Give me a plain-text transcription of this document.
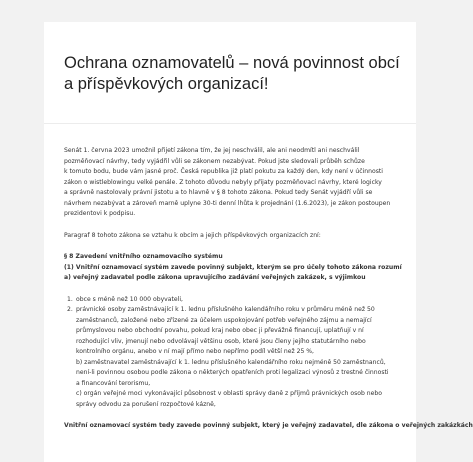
Ochrana oznamovatelů – nová povinnost obcí
a příspěvkových organizací!

Senát 1. června 2023 umožnil přijetí zákona tím, že jej neschválil, ale ani neodmítl ani neschválil
pozměňovací návrhy, tedy vyjádřil vůli se zákonem nezabývat. Pokud jste sledovali průběh schůze
k tomuto bodu, bude vám jasné proč. Česká republika již platí pokutu za každý den, kdy není v účinnosti
zákon o wistleblowingu velké penále. Z tohoto důvodu nebyly přijaty pozměňovací návrhy, které logicky
a správně nastolovaly právní jistotu a to hlavně v § 8 tohoto zákona. Pokud tedy Senát vyjádří vůli se
návrhem nezabývat a zároveň marně uplyne 30-ti denní lhůta k projednání (1.6.2023), je zákon postoupen
prezidentovi k podpisu.

Paragraf 8 tohoto zákona se vztahu k obcím a jejich příspěvkových organizacích zní:

§ 8 Zavedení vnitřního oznamovacího systému
(1) Vnitřní oznamovací systém zavede povinný subjekt, kterým se pro účely tohoto zákona rozumí
a) veřejný zadavatel podle zákona upravujícího zadávání veřejných zakázek, s výjimkou

1. obce s méně než 10 000 obyvateli,
2. právnické osoby zaměstnávající k 1. lednu příslušného kalendářního roku v průměru méně než 50
zaměstnanců, založené nebo zřízené za účelem uspokojování potřeb veřejného zájmu a nemající
průmyslovou nebo obchodní povahu, pokud kraj nebo obec ji převážně financují, uplatňují v ní
rozhodující vliv, jmenují nebo odvolávají většinu osob, které jsou členy jejího statutárního nebo
kontrolního orgánu, anebo v ní mají přímo nebo nepřímo podíl větší než 25 %,
b) zaměstnavatel zaměstnávající k 1. lednu příslušného kalendářního roku nejméně 50 zaměstnanců,
není-li povinnou osobou podle zákona o některých opatřeních proti legalizaci výnosů z trestné činnosti
a financování terorismu,
c) orgán veřejné moci vykonávající působnost v oblasti správy daně z příjmů právnických osob nebo
správy odvodu za porušení rozpočtové kázně,

Vnitřní oznamovací systém tedy zavede povinný subjekt, který je veřejný zadavatel, dle zákona o veřejných zakázkách
